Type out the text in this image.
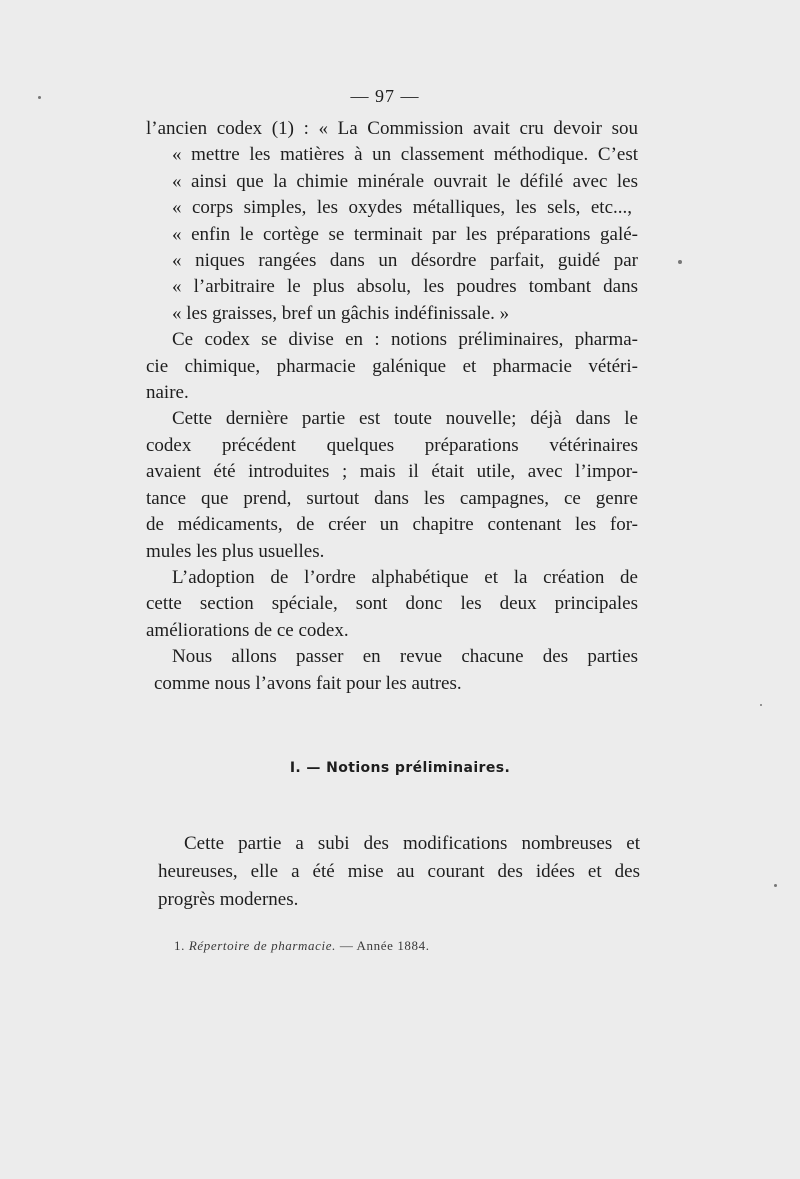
— 97 —
l’ancien codex (1) : « La Commission avait cru devoir sou
« mettre les matières à un classement méthodique. C’est
« ainsi que la chimie minérale ouvrait le défilé avec les
« corps simples, les oxydes métalliques, les sels, etc...,
« enfin le cortège se terminait par les préparations galé-
« niques rangées dans un désordre parfait, guidé par
« l’arbitraire le plus absolu, les poudres tombant dans
« les graisses, bref un gâchis indéfinissale. »
Ce codex se divise en : notions préliminaires, pharma-
cie chimique, pharmacie galénique et pharmacie vétéri-
naire.
Cette dernière partie est toute nouvelle; déjà dans le
codex précédent quelques préparations vétérinaires
avaient été introduites ; mais il était utile, avec l’impor-
tance que prend, surtout dans les campagnes, ce genre
de médicaments, de créer un chapitre contenant les for-
mules les plus usuelles.
L’adoption de l’ordre alphabétique et la création de
cette section spéciale, sont donc les deux principales
améliorations de ce codex.
Nous allons passer en revue chacune des parties
comme nous l’avons fait pour les autres.
I. — Notions préliminaires.
Cette partie a subi des modifications nombreuses et
heureuses, elle a été mise au courant des idées et des
progrès modernes.
1. Répertoire de pharmacie. — Année 1884.
